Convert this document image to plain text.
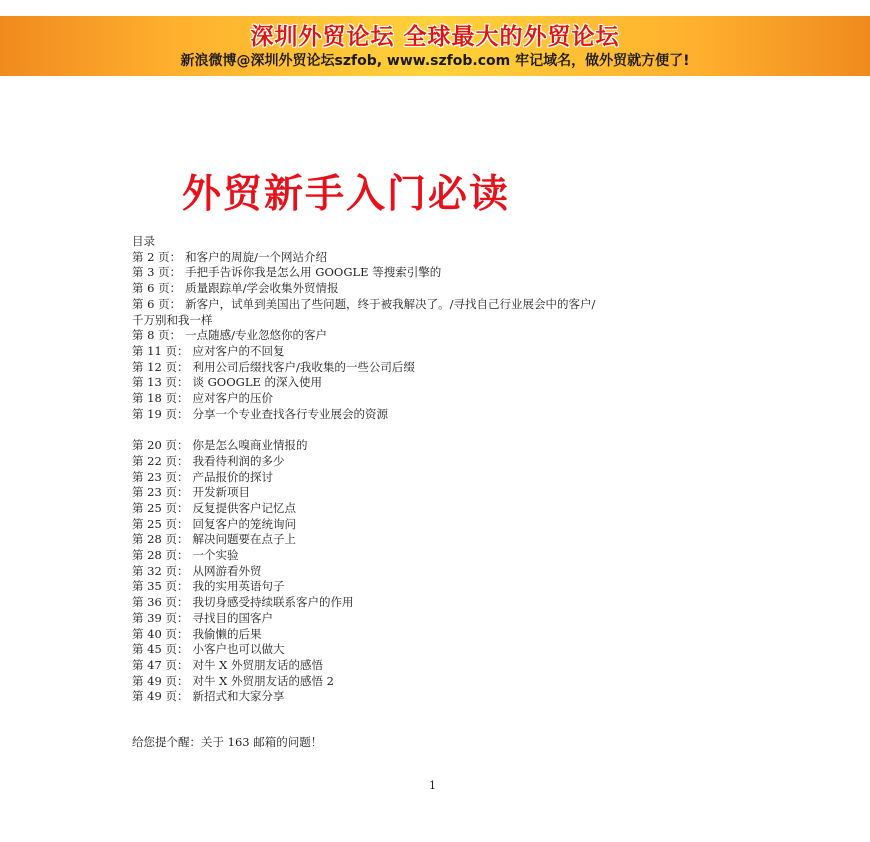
深圳外贸论坛 全球最大的外贸论坛
新浪微博@深圳外贸论坛szfob, www.szfob.com 牢记域名，做外贸就方便了!
外贸新手入门必读
目录
第 2 页： 和客户的周旋/一个网站介绍
第 3 页： 手把手告诉你我是怎么用 GOOGLE 等搜索引擎的
第 6 页： 质量跟踪单/学会收集外贸情报
第 6 页： 新客户，试单到美国出了些问题，终于被我解决了。/寻找自己行业展会中的客户/
千万别和我一样
第 8 页： 一点随感/专业忽悠你的客户
第 11 页： 应对客户的不回复
第 12 页： 利用公司后缀找客户/我收集的一些公司后缀
第 13 页： 谈 GOOGLE 的深入使用
第 18 页： 应对客户的压价
第 19 页： 分享一个专业查找各行专业展会的资源
第 20 页： 你是怎么嗅商业情报的
第 22 页： 我看待利润的多少
第 23 页： 产品报价的探讨
第 23 页： 开发新项目
第 25 页： 反复提供客户记忆点
第 25 页： 回复客户的笼统询问
第 28 页： 解决问题要在点子上
第 28 页： 一个实验
第 32 页： 从网游看外贸
第 35 页： 我的实用英语句子
第 36 页： 我切身感受持续联系客户的作用
第 39 页： 寻找目的国客户
第 40 页： 我偷懒的后果
第 45 页： 小客户也可以做大
第 47 页： 对牛 X 外贸朋友话的感悟
第 49 页： 对牛 X 外贸朋友话的感悟 2
第 49 页： 新招式和大家分享
给您提个醒：关于 163 邮箱的问题！
1
